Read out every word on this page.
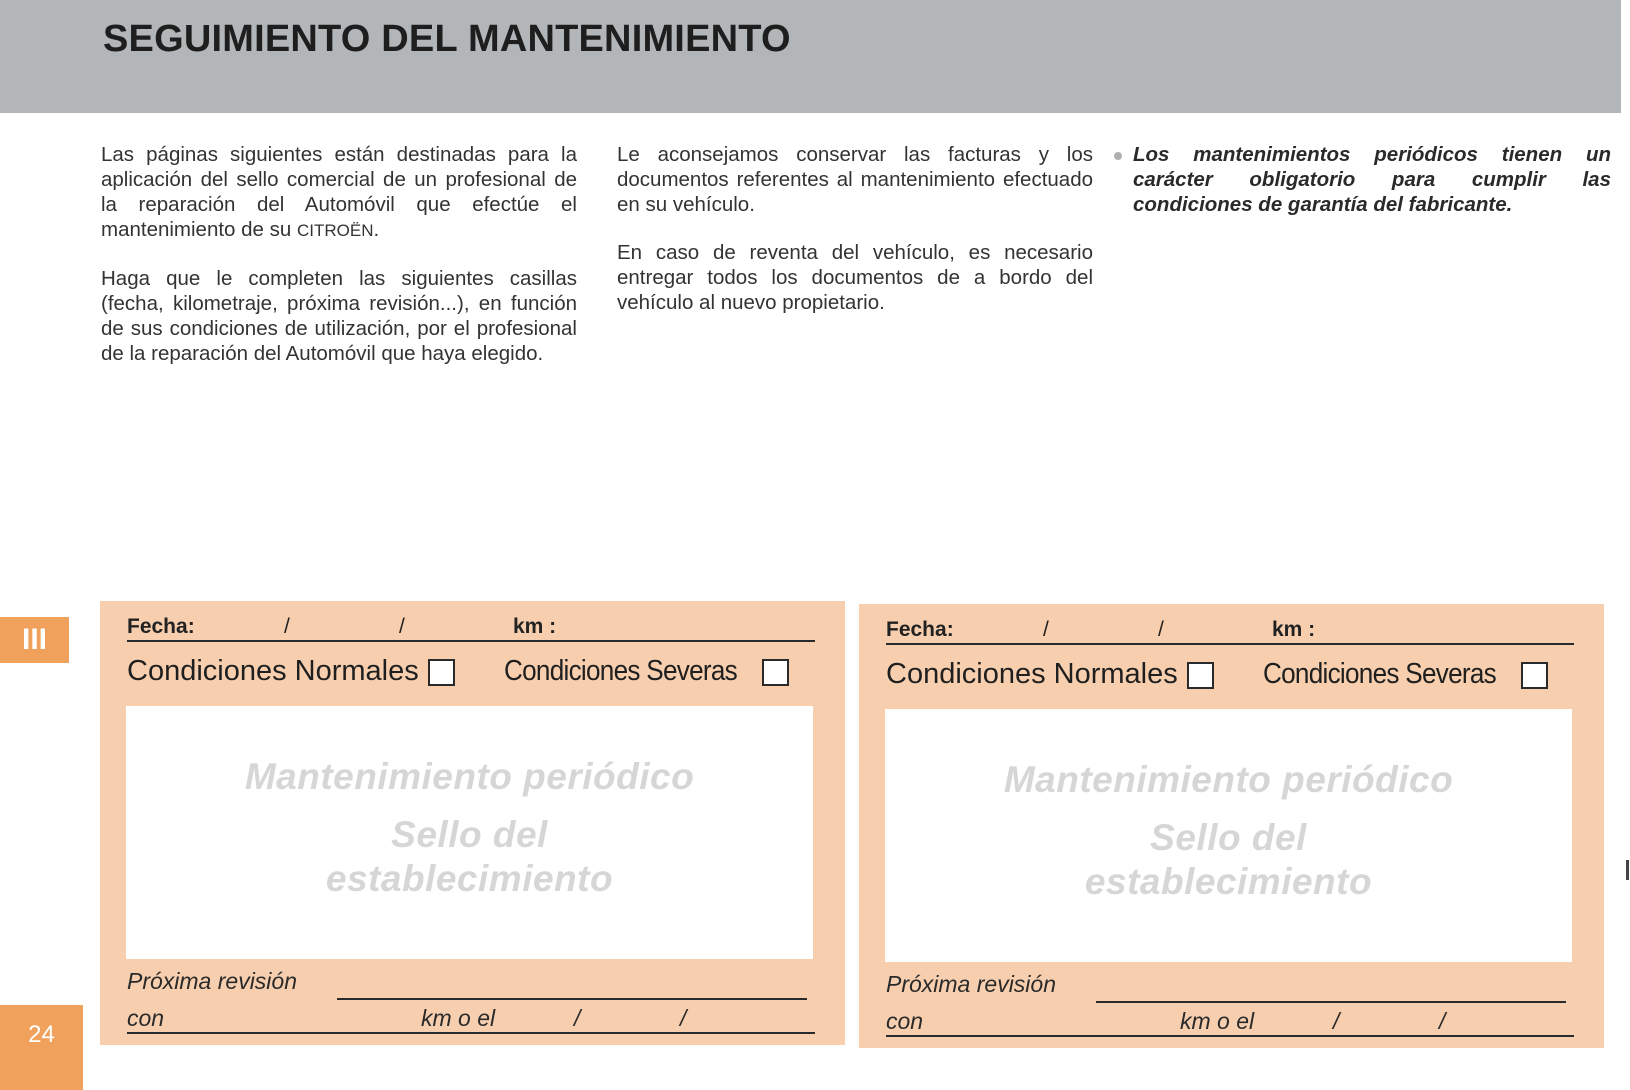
SEGUIMIENTO DEL MANTENIMIENTO

Las páginas siguientes están destinadas para la aplicación del sello comercial de un profesional de la reparación del Automóvil que efectúe el mantenimiento de su CITROËN.

Haga que le completen las siguientes casillas (fecha, kilometraje, próxima revisión...), en función de sus condiciones de utilización, por el profesional de la reparación del Automóvil que haya elegido.

Le aconsejamos conservar las facturas y los documentos referentes al mantenimiento efectuado en su vehículo.

En caso de reventa del vehículo, es necesario entregar todos los documentos de a bordo del vehículo al nuevo propietario.

Los mantenimientos periódicos tienen un carácter obligatorio para cumplir las condiciones de garantía del fabricante.

III
24
Fecha:	/	/	km :
Condiciones Normales	Condiciones Severas
Mantenimiento periódico
Sello del
establecimiento
Próxima revisión
con	km o el	/	/
Fecha:	/	/	km :
Condiciones Normales	Condiciones Severas
Mantenimiento periódico
Sello del
establecimiento
Próxima revisión
con	km o el	/	/
